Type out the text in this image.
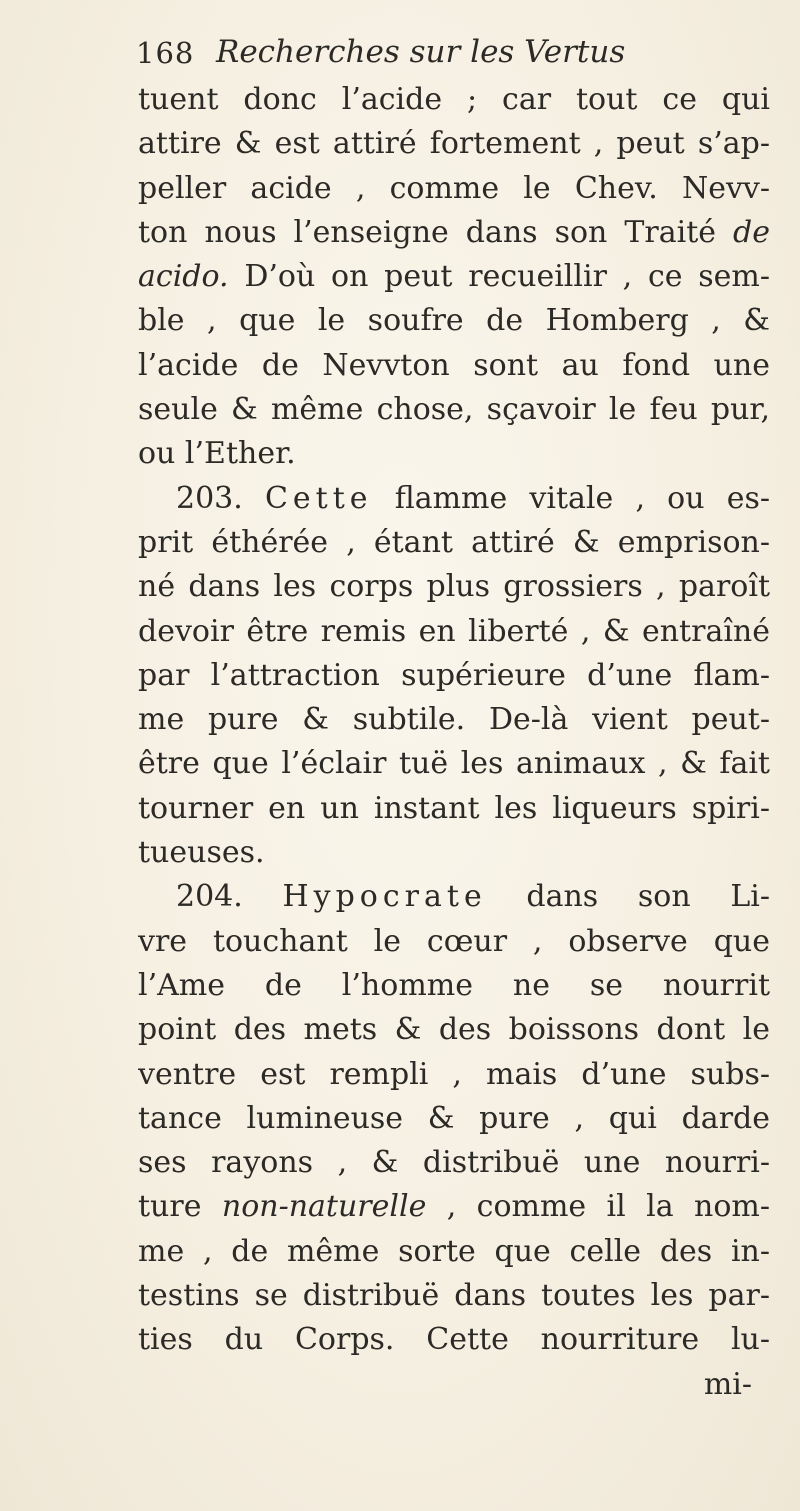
168 Recherches sur les Vertus
tuent donc l’acide ; car tout ce qui
attire & est attiré fortement , peut s’ap-
peller acide , comme le Chev. Nevv-
ton nous l’enseigne dans son Traité de
acido. D’où on peut recueillir , ce sem-
ble , que le soufre de Homberg , &
l’acide de Nevvton sont au fond une
seule & même chose, sçavoir le feu pur,
ou l’Ether.
203. Cette flamme vitale , ou es-
prit éthérée , étant attiré & emprison-
né dans les corps plus grossiers , paroît
devoir être remis en liberté , & entraîné
par l’attraction supérieure d’une flam-
me pure & subtile. De-là vient peut-
être que l’éclair tuë les animaux , & fait
tourner en un instant les liqueurs spiri-
tueuses.
204. Hypocrate dans son Li-
vre touchant le cœur , observe que
l’Ame de l’homme ne se nourrit
point des mets & des boissons dont le
ventre est rempli , mais d’une subs-
tance lumineuse & pure , qui darde
ses rayons , & distribuë une nourri-
ture non-naturelle , comme il la nom-
me , de même sorte que celle des in-
testins se distribuë dans toutes les par-
ties du Corps. Cette nourriture lu-
mi-
